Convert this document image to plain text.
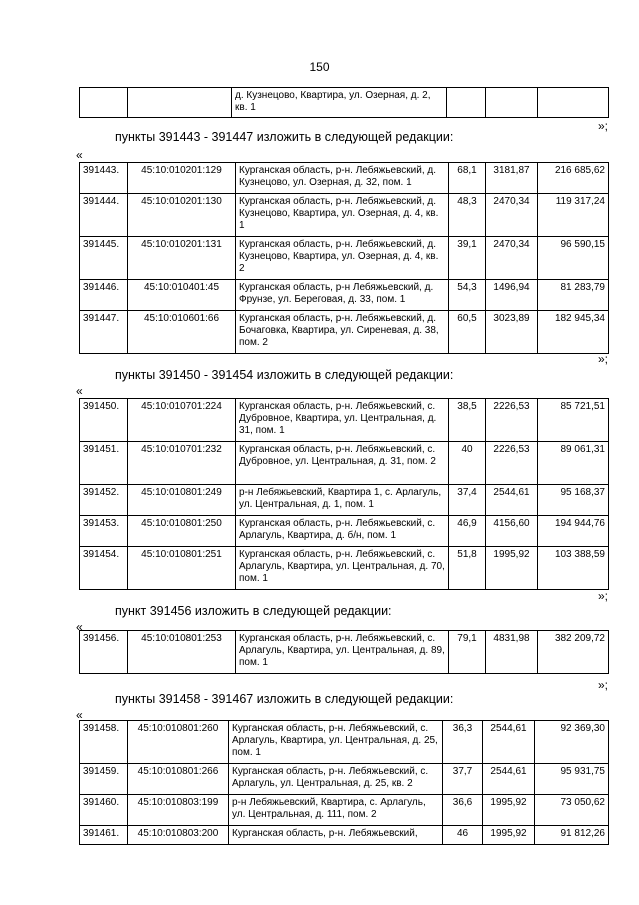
150
		д. Кузнецово, Квартира, ул. Озерная, д. 2, кв. 1			
»;
пункты 391443 - 391447 изложить в следующей редакции:
«
391443.	45:10:010201:129	Курганская область, р-н. Лебяжьевский, д. Кузнецово, ул. Озерная, д. 32, пом. 1	68,1	3181,87	216 685,62
391444.	45:10:010201:130	Курганская область, р-н. Лебяжьевский, д. Кузнецово, Квартира, ул. Озерная, д. 4, кв. 1	48,3	2470,34	119 317,24
391445.	45:10:010201:131	Курганская область, р-н. Лебяжьевский, д. Кузнецово, Квартира, ул. Озерная, д. 4, кв. 2	39,1	2470,34	96 590,15
391446.	45:10:010401:45	Курганская область, р-н Лебяжьевский, д. Фрунзе, ул. Береговая, д. 33, пом. 1	54,3	1496,94	81 283,79
391447.	45:10:010601:66	Курганская область, р-н. Лебяжьевский, д. Бочаговка, Квартира, ул. Сиреневая, д. 38, пом. 2	60,5	3023,89	182 945,34
»;
пункты 391450 - 391454 изложить в следующей редакции:
«
391450.	45:10:010701:224	Курганская область, р-н. Лебяжьевский, с. Дубровное, Квартира, ул. Центральная, д. 31, пом. 1	38,5	2226,53	85 721,51
391451.	45:10:010701:232	Курганская область, р-н. Лебяжьевский, с. Дубровное, ул. Центральная, д. 31, пом. 2	40	2226,53	89 061,31
391452.	45:10:010801:249	р-н Лебяжьевский, Квартира 1, с. Арлагуль, ул. Центральная, д. 1, пом. 1	37,4	2544,61	95 168,37
391453.	45:10:010801:250	Курганская область, р-н. Лебяжьевский, с. Арлагуль, Квартира, д. б/н, пом. 1	46,9	4156,60	194 944,76
391454.	45:10:010801:251	Курганская область, р-н. Лебяжьевский, с. Арлагуль, Квартира, ул. Центральная, д. 70, пом. 1	51,8	1995,92	103 388,59
»;
пункт 391456 изложить в следующей редакции:
«
391456.	45:10:010801:253	Курганская область, р-н. Лебяжьевский, с. Арлагуль, Квартира, ул. Центральная, д. 89, пом. 1	79,1	4831,98	382 209,72
»;
пункты 391458 - 391467 изложить в следующей редакции:
«
391458.	45:10:010801:260	Курганская область, р-н. Лебяжьевский, с. Арлагуль, Квартира, ул. Центральная, д. 25, пом. 1	36,3	2544,61	92 369,30
391459.	45:10:010801:266	Курганская область, р-н. Лебяжьевский, с. Арлагуль, ул. Центральная, д. 25, кв. 2	37,7	2544,61	95 931,75
391460.	45:10:010803:199	р-н Лебяжьевский, Квартира, с. Арлагуль, ул. Центральная, д. 111, пом. 2	36,6	1995,92	73 050,62
391461.	45:10:010803:200	Курганская область, р-н. Лебяжьевский,	46	1995,92	91 812,26
